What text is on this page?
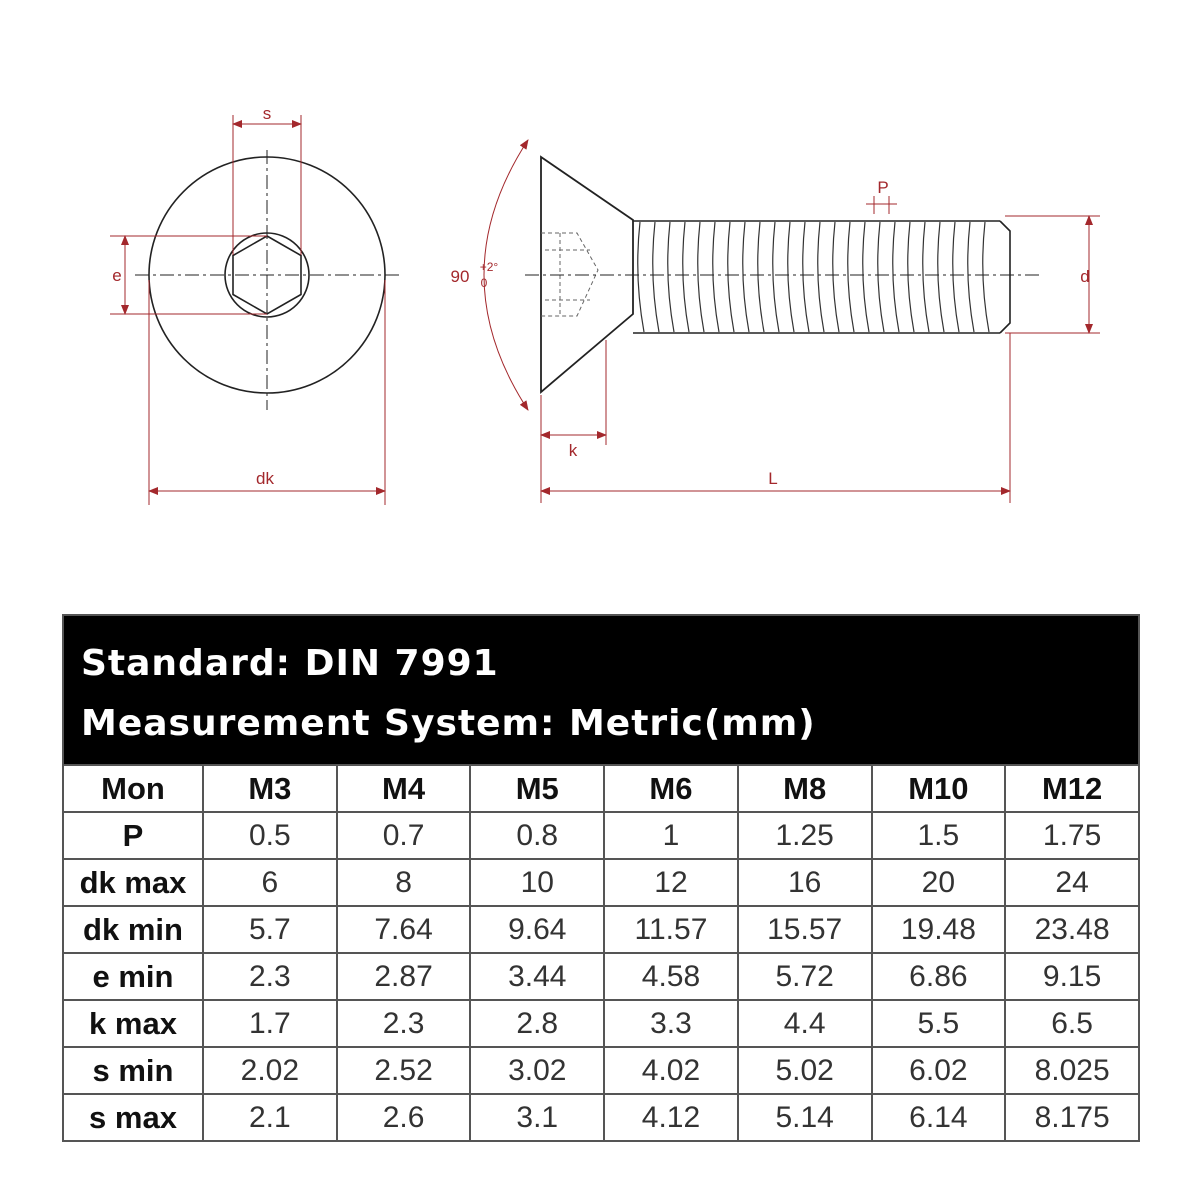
s
e
dk
90 +2°
0
P
d
k
L
Standard: DIN 7991
Measurement System: Metric(mm)
Mon	M3	M4	M5	M6	M8	M10	M12
P	0.5	0.7	0.8	1	1.25	1.5	1.75
dk max	6	8	10	12	16	20	24
dk min	5.7	7.64	9.64	11.57	15.57	19.48	23.48
e min	2.3	2.87	3.44	4.58	5.72	6.86	9.15
k max	1.7	2.3	2.8	3.3	4.4	5.5	6.5
s min	2.02	2.52	3.02	4.02	5.02	6.02	8.025
s max	2.1	2.6	3.1	4.12	5.14	6.14	8.175
